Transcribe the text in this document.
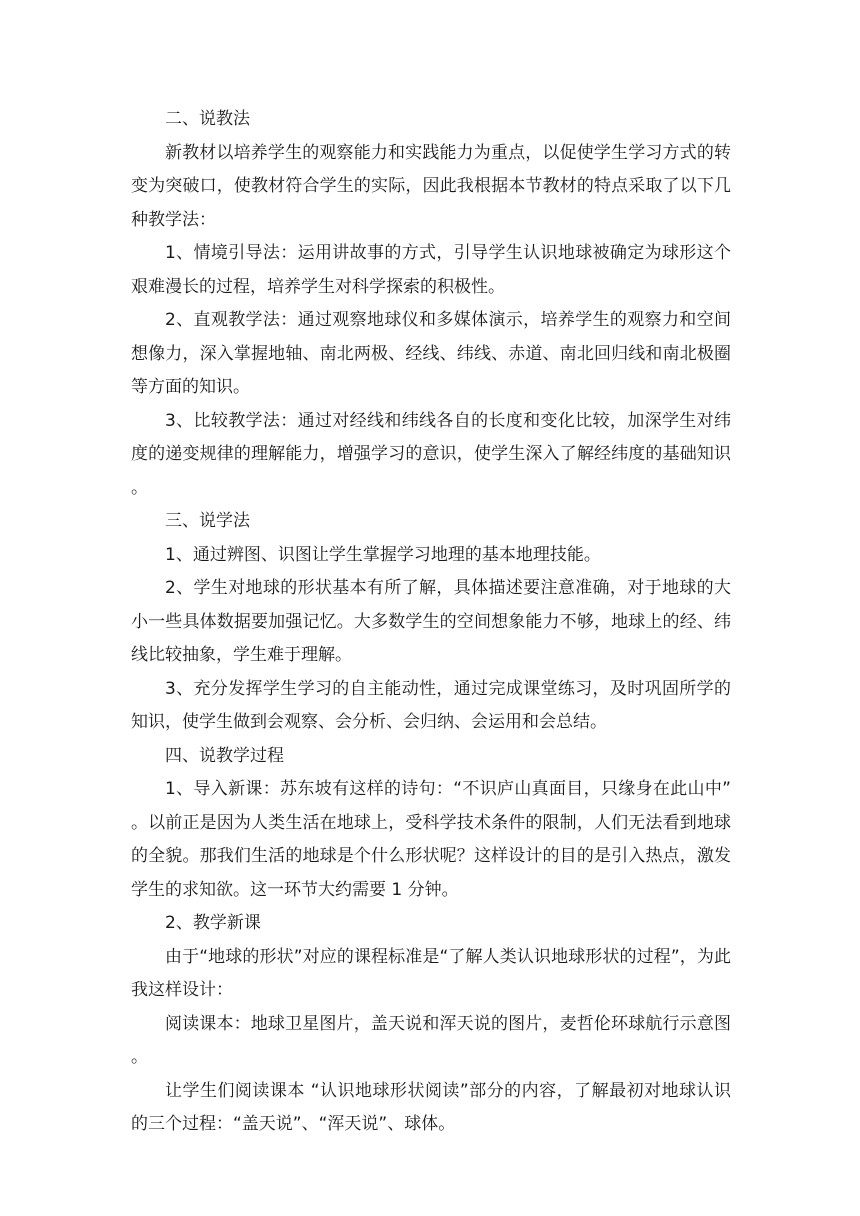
二、说教法

新教材以培养学生的观察能力和实践能力为重点，以促使学生学习方式的转变为突破口，使教材符合学生的实际，因此我根据本节教材的特点采取了以下几种教学法：

1、情境引导法：运用讲故事的方式，引导学生认识地球被确定为球形这个艰难漫长的过程，培养学生对科学探索的积极性。

2、直观教学法：通过观察地球仪和多媒体演示，培养学生的观察力和空间想像力，深入掌握地轴、南北两极、经线、纬线、赤道、南北回归线和南北极圈等方面的知识。

3、比较教学法：通过对经线和纬线各自的长度和变化比较，加深学生对纬度的递变规律的理解能力，增强学习的意识，使学生深入了解经纬度的基础知识。

三、说学法

1、通过辨图、识图让学生掌握学习地理的基本地理技能。

2、学生对地球的形状基本有所了解，具体描述要注意准确，对于地球的大小一些具体数据要加强记忆。大多数学生的空间想象能力不够，地球上的经、纬线比较抽象，学生难于理解。

3、充分发挥学生学习的自主能动性，通过完成课堂练习，及时巩固所学的知识，使学生做到会观察、会分析、会归纳、会运用和会总结。

四、说教学过程

1、导入新课：苏东坡有这样的诗句：“不识庐山真面目，只缘身在此山中”。以前正是因为人类生活在地球上，受科学技术条件的限制，人们无法看到地球的全貌。那我们生活的地球是个什么形状呢？这样设计的目的是引入热点，激发学生的求知欲。这一环节大约需要 1 分钟。

2、教学新课

由于“地球的形状”对应的课程标准是“了解人类认识地球形状的过程”，为此我这样设计：

阅读课本：地球卫星图片，盖天说和浑天说的图片，麦哲伦环球航行示意图。

让学生们阅读课本 “认识地球形状阅读”部分的内容，了解最初对地球认识的三个过程：“盖天说”、“浑天说”、球体。
